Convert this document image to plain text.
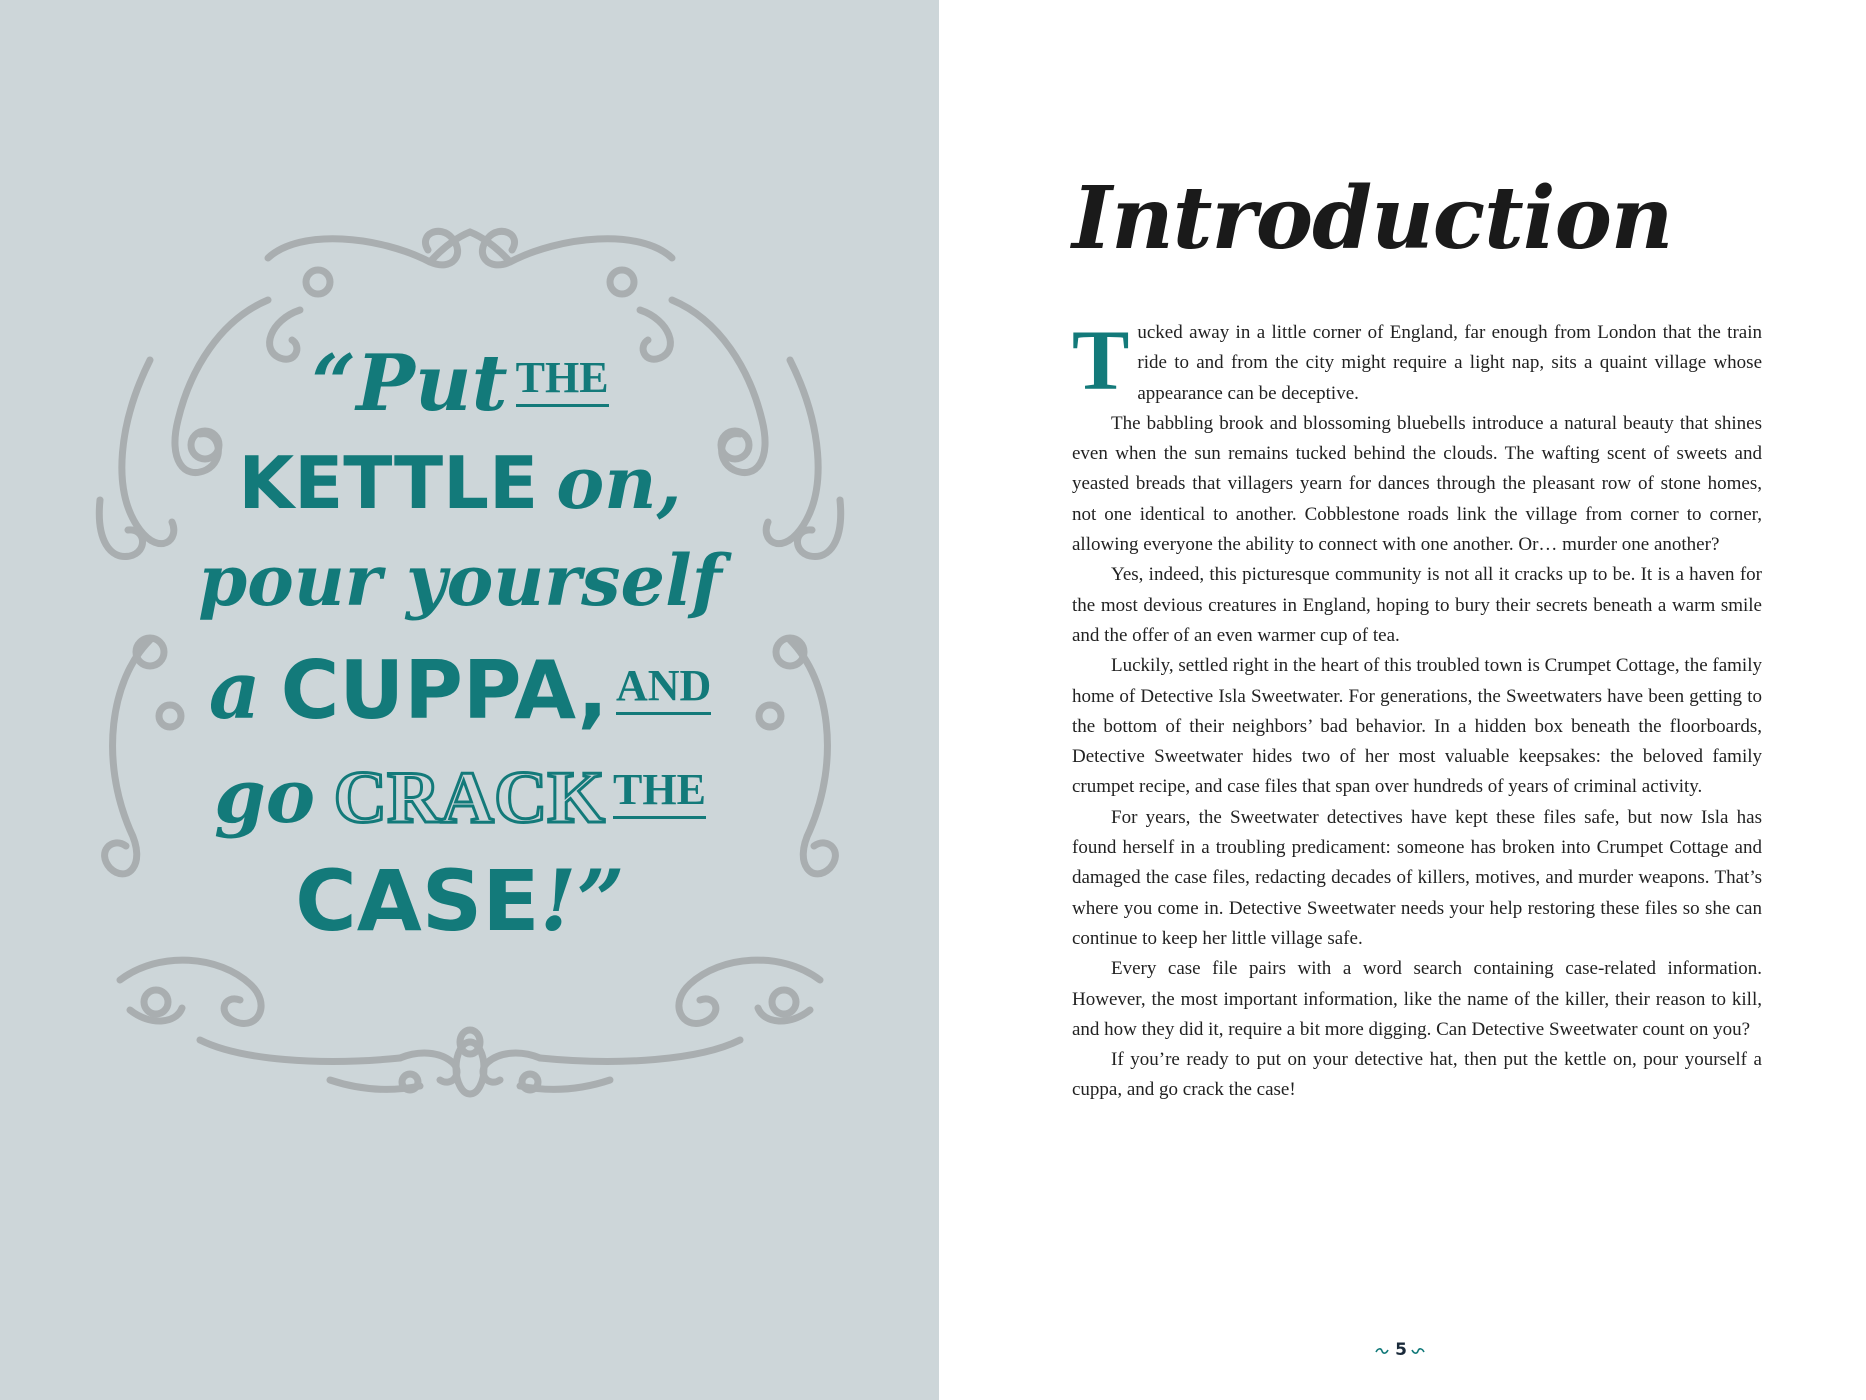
“Put $^{THE}$
KETTLE on,
pour yourself
a CUPPA, $^{AND}$
go CRACK $^{THE}$
CASE!”
Introduction

Tucked away in a little corner of England, far enough from London that the train ride to and from the city might require a light nap, sits a quaint village whose appearance can be deceptive.

The babbling brook and blossoming bluebells introduce a natural beauty that shines even when the sun remains tucked behind the clouds. The wafting scent of sweets and yeasted breads that villagers yearn for dances through the pleasant row of stone homes, not one identical to another. Cobblestone roads link the village from corner to corner, allowing everyone the ability to connect with one another. Or… murder one another?

Yes, indeed, this picturesque community is not all it cracks up to be. It is a haven for the most devious creatures in England, hoping to bury their secrets beneath a warm smile and the offer of an even warmer cup of tea.

Luckily, settled right in the heart of this troubled town is Crumpet Cottage, the family home of Detective Isla Sweetwater. For generations, the Sweetwaters have been getting to the bottom of their neighbors’ bad behavior. In a hidden box beneath the floorboards, Detective Sweetwater hides two of her most valuable keepsakes: the beloved family crumpet recipe, and case files that span over hundreds of years of criminal activity.

For years, the Sweetwater detectives have kept these files safe, but now Isla has found herself in a troubling predicament: someone has broken into Crumpet Cottage and damaged the case files, redacting decades of killers, motives, and murder weapons. That’s where you come in. Detective Sweetwater needs your help restoring these files so she can continue to keep her little village safe.

Every case file pairs with a word search containing case-related information. However, the most important information, like the name of the killer, their reason to kill, and how they did it, require a bit more digging. Can Detective Sweetwater count on you?

If you’re ready to put on your detective hat, then put the kettle on, pour yourself a cuppa, and go crack the case!

5
